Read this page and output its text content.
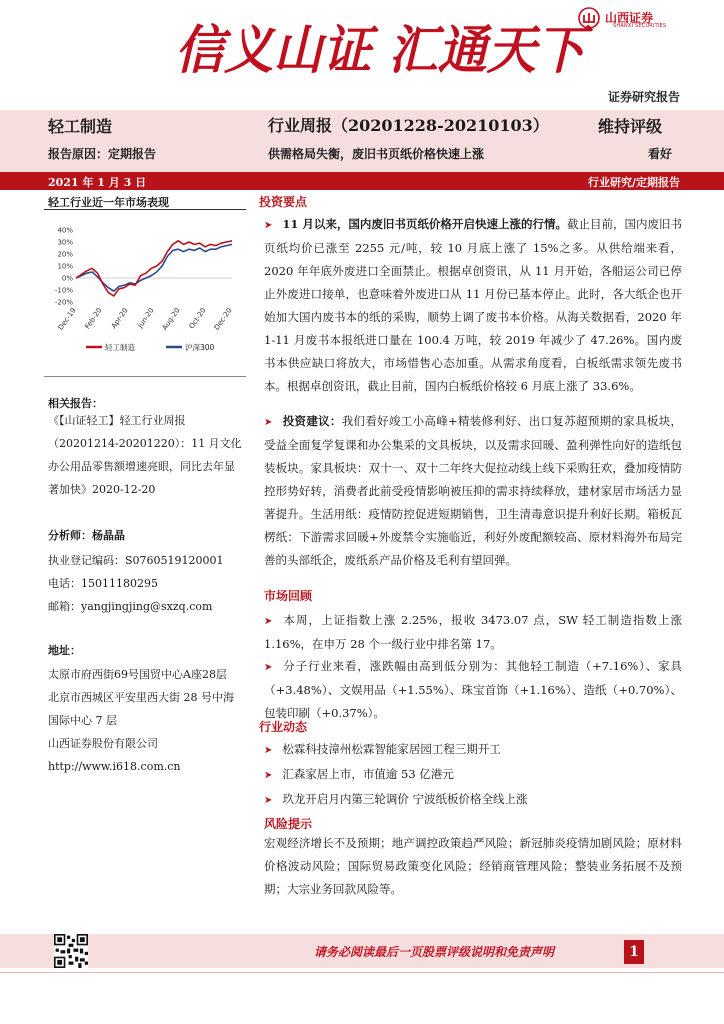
信义山证 汇通天下
山西证券
SHANXI SECURITIES
证券研究报告
轻工制造	行业周报（20201228-20210103）	维持评级
报告原因：定期报告	供需格局失衡，废旧书页纸价格快速上涨	看好
2021 年 1 月 3 日	行业研究/定期报告
轻工行业近一年市场表现
40%
30%
20%
10%
0%
-10%
-20%
Dec-19 Feb-20 Apr-20 Jun-20 Aug-20 Oct-20 Dec-20
轻工制造	沪深300
相关报告：
《【山证轻工】轻工行业周报（20201214-20201220）：11 月文化办公用品零售额增速亮眼，同比去年显著加快》2020-12-20
分析师：杨晶晶
执业登记编码：S0760519120001
电话：15011180295
邮箱：yangjingjing@sxzq.com
地址：
太原市府西街69号国贸中心A座28层
北京市西城区平安里西大街 28 号中海国际中心 7 层
山西证券股份有限公司
http://www.i618.com.cn
投资要点
➤ 11 月以来，国内废旧书页纸价格开启快速上涨的行情。截止目前，国内废旧书页纸均价已涨至 2255 元/吨，较 10 月底上涨了 15%之多。从供给端来看，2020 年年底外废进口全面禁止。根据卓创资讯，从 11 月开始，各船运公司已停止外废进口接单，也意味着外废进口从 11 月份已基本停止。此时，各大纸企也开始加大国内废书本的纸的采购，顺势上调了废书本价格。从海关数据看，2020 年 1-11 月废书本报纸进口量在 100.4 万吨，较 2019 年减少了 47.26%。国内废书本供应缺口将放大，市场惜售心态加重。从需求角度看，白板纸需求领先废书本。根据卓创资讯，截止目前，国内白板纸价格较 6 月底上涨了 33.6%。
➤ 投资建议：我们看好竣工小高峰+精装修利好、出口复苏超预期的家具板块，受益全面复学复课和办公集采的文具板块，以及需求回暖、盈利弹性向好的造纸包装板块。家具板块：双十一、双十二年终大促拉动线上线下采购狂欢，叠加疫情防控形势好转，消费者此前受疫情影响被压抑的需求持续释放，建材家居市场活力显著提升。生活用纸：疫情防控促进短期销售，卫生清毒意识提升利好长期。箱板瓦楞纸：下游需求回暖+外废禁令实施临近，利好外废配额较高、原材料海外布局完善的头部纸企，废纸系产品价格及毛利有望回弹。
市场回顾
➤ 本周，上证指数上涨 2.25%，报收 3473.07 点，SW 轻工制造指数上涨 1.16%，在申万 28 个一级行业中排名第 17。
➤ 分子行业来看，涨跌幅由高到低分别为：其他轻工制造（+7.16%）、家具（+3.48%）、文娱用品（+1.55%）、珠宝首饰（+1.16%）、造纸（+0.70%）、包装印刷（+0.37%）。
行业动态
➤ 松霖科技漳州松霖智能家居园工程三期开工
➤ 汇森家居上市，市值逾 53 亿港元
➤ 玖龙开启月内第三轮调价 宁波纸板价格全线上涨
风险提示
宏观经济增长不及预期；地产调控政策趋严风险；新冠肺炎疫情加剧风险；原材料价格波动风险；国际贸易政策变化风险；经销商管理风险；整装业务拓展不及预期；大宗业务回款风险等。
请务必阅读最后一页股票评级说明和免责声明	1
